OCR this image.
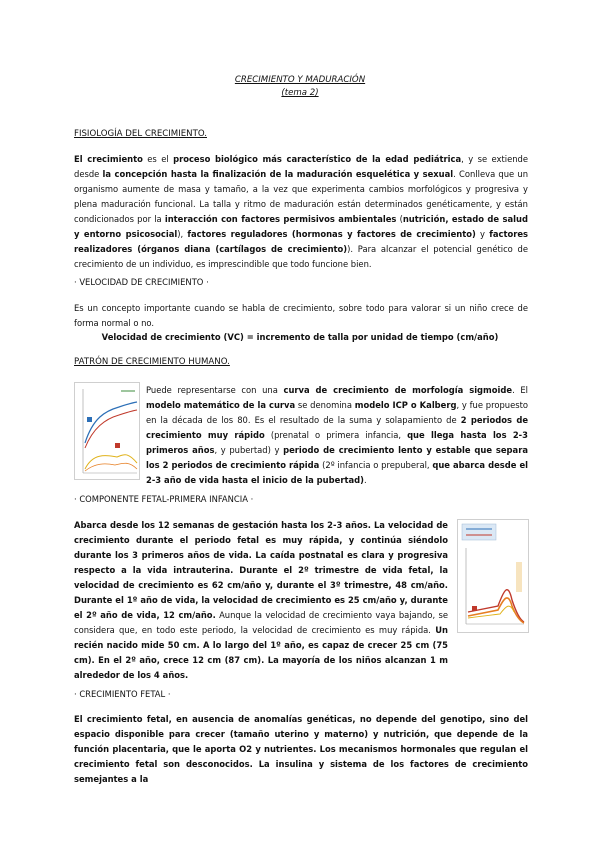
CRECIMIENTO Y MADURACIÓN

(tema 2)

FISIOLOGÍA DEL CRECIMIENTO.

El crecimiento es el proceso biológico más característico de la edad pediátrica, y se extiende desde la concepción hasta la finalización de la maduración esquelética y sexual. Conlleva que un organismo aumente de masa y tamaño, a la vez que experimenta cambios morfológicos y progresiva y plena maduración funcional. La talla y ritmo de maduración están determinados genéticamente, y están condicionados por la interacción con factores permisivos ambientales (nutrición, estado de salud y entorno psicosocial), factores reguladores (hormonas y factores de crecimiento) y factores realizadores (órganos diana (cartílagos de crecimiento)). Para alcanzar el potencial genético de crecimiento de un individuo, es imprescindible que todo funcione bien.

· VELOCIDAD DE CRECIMIENTO ·

Es un concepto importante cuando se habla de crecimiento, sobre todo para valorar si un niño crece de forma normal o no.

Velocidad de crecimiento (VC) = incremento de talla por unidad de tiempo (cm/año)

PATRÓN DE CRECIMIENTO HUMANO.

Puede representarse con una curva de crecimiento de morfología sigmoide. El modelo matemático de la curva se denomina modelo ICP o Kalberg, y fue propuesto en la década de los 80. Es el resultado de la suma y solapamiento de 2 periodos de crecimiento muy rápido (prenatal o primera infancia, que llega hasta los 2-3 primeros años, y pubertad) y periodo de crecimiento lento y estable que separa los 2 periodos de crecimiento rápida (2º infancia o prepuberal, que abarca desde el 2-3 año de vida hasta el inicio de la pubertad).

· COMPONENTE FETAL-PRIMERA INFANCIA ·

Abarca desde los 12 semanas de gestación hasta los 2-3 años. La velocidad de crecimiento durante el periodo fetal es muy rápida, y continúa siéndolo durante los 3 primeros años de vida. La caída postnatal es clara y progresiva respecto a la vida intrauterina. Durante el 2º trimestre de vida fetal, la velocidad de crecimiento es 62 cm/año y, durante el 3º trimestre, 48 cm/año. Durante el 1º año de vida, la velocidad de crecimiento es 25 cm/año y, durante el 2º año de vida, 12 cm/año. Aunque la velocidad de crecimiento vaya bajando, se considera que, en todo este periodo, la velocidad de crecimiento es muy rápida. Un recién nacido mide 50 cm. A lo largo del 1º año, es capaz de crecer 25 cm (75 cm). En el 2º año, crece 12 cm (87 cm). La mayoría de los niños alcanzan 1 m alrededor de los 4 años.

· CRECIMIENTO FETAL ·

El crecimiento fetal, en ausencia de anomalías genéticas, no depende del genotipo, sino del espacio disponible para crecer (tamaño uterino y materno) y nutrición, que depende de la función placentaria, que le aporta O2 y nutrientes. Los mecanismos hormonales que regulan el crecimiento fetal son desconocidos. La insulina y sistema de los factores de crecimiento semejantes a la
